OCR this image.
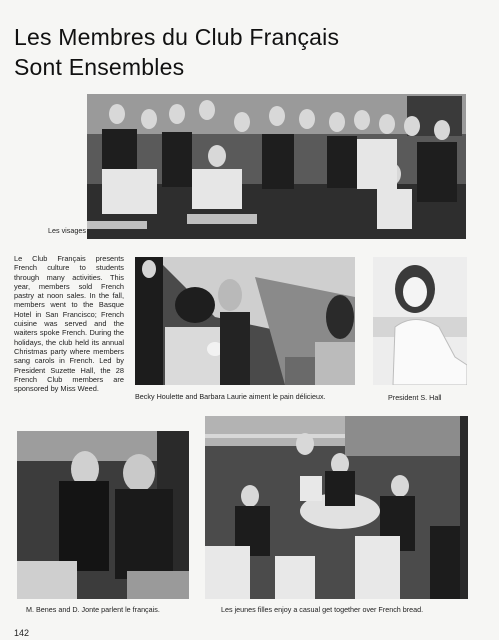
Les Membres du Club Français
Sont Ensembles
Les visages
Le Club Français presents French culture to students through many activities. This year, members sold French pastry at noon sales. In the fall, members went to the Basque Hotel in San Francisco; French cuisine was served and the waiters spoke French. During the holidays, the club held its annual Christmas party where members sang carols in French. Led by President Suzette Hall, the 28 French Club members are sponsored by Miss Weed.
Becky Houlette and Barbara Laurie aiment le pain délicieux.	President S. Hall
M. Benes and D. Jonte parlent le français.	Les jeunes filles enjoy a casual get together over French bread.
142
